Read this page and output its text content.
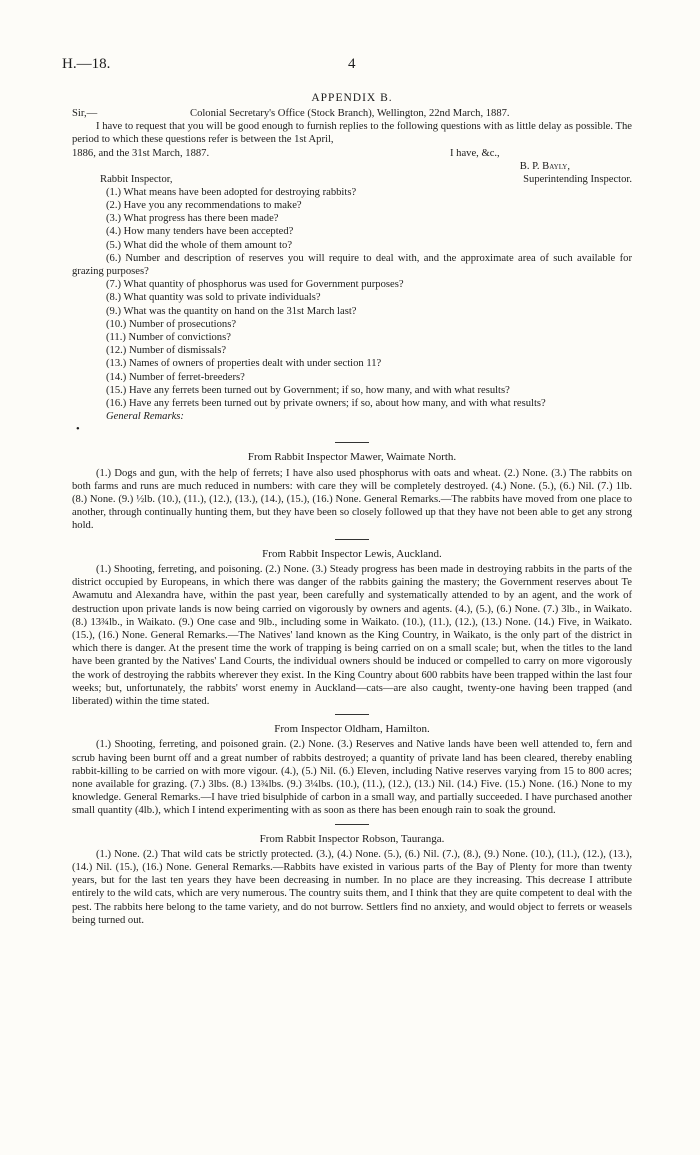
H.—18.	4

APPENDIX B.

Sir,—	Colonial Secretary's Office (Stock Branch), Wellington, 22nd March, 1887.

I have to request that you will be good enough to furnish replies to the following questions with as little delay as possible. The period to which these questions refer is between the 1st April,

1886, and the 31st March, 1887.	I have, &c.,

B. P. Bayly,

Rabbit Inspector,	Superintending Inspector.

(1.) What means have been adopted for destroying rabbits?

(2.) Have you any recommendations to make?

(3.) What progress has there been made?

(4.) How many tenders have been accepted?

(5.) What did the whole of them amount to?

(6.) Number and description of reserves you will require to deal with, and the approximate area of such available for grazing purposes?

(7.) What quantity of phosphorus was used for Government purposes?

(8.) What quantity was sold to private individuals?

(9.) What was the quantity on hand on the 31st March last?

(10.) Number of prosecutions?

(11.) Number of convictions?

(12.) Number of dismissals?

(13.) Names of owners of properties dealt with under section 11?

(14.) Number of ferret-breeders?

(15.) Have any ferrets been turned out by Government; if so, how many, and with what results?

(16.) Have any ferrets been turned out by private owners; if so, about how many, and with what results?

General Remarks:

•

From Rabbit Inspector Mawer, Waimate North.

(1.) Dogs and gun, with the help of ferrets; I have also used phosphorus with oats and wheat. (2.) None. (3.) The rabbits on both farms and runs are much reduced in numbers: with care they will be completely destroyed. (4.) None. (5.), (6.) Nil. (7.) 1lb. (8.) None. (9.) ½lb. (10.), (11.), (12.), (13.), (14.), (15.), (16.) None. General Remarks.—The rabbits have moved from one place to another, through continually hunting them, but they have been so closely followed up that they have not been able to get any strong hold.

From Rabbit Inspector Lewis, Auckland.

(1.) Shooting, ferreting, and poisoning. (2.) None. (3.) Steady progress has been made in destroying rabbits in the parts of the district occupied by Europeans, in which there was danger of the rabbits gaining the mastery; the Government reserves about Te Awamutu and Alexandra have, within the past year, been carefully and systematically attended to by an agent, and the work of destruction upon private lands is now being carried on vigorously by owners and agents. (4.), (5.), (6.) None. (7.) 3lb., in Waikato. (8.) 13¾lb., in Waikato. (9.) One case and 9lb., including some in Waikato. (10.), (11.), (12.), (13.) None. (14.) Five, in Waikato. (15.), (16.) None. General Remarks.—The Natives' land known as the King Country, in Waikato, is the only part of the district in which there is danger. At the present time the work of trapping is being carried on on a small scale; but, when the titles to the land have been granted by the Natives' Land Courts, the individual owners should be induced or compelled to carry on more vigorously the work of destroying the rabbits wherever they exist. In the King Country about 600 rabbits have been trapped within the last four weeks; but, unfortunately, the rabbits' worst enemy in Auckland—cats—are also caught, twenty-one having been trapped (and liberated) within the time stated.

From Inspector Oldham, Hamilton.

(1.) Shooting, ferreting, and poisoned grain. (2.) None. (3.) Reserves and Native lands have been well attended to, fern and scrub having been burnt off and a great number of rabbits destroyed; a quantity of private land has been cleared, thereby enabling rabbit-killing to be carried on with more vigour. (4.), (5.) Nil. (6.) Eleven, including Native reserves varying from 15 to 800 acres; none available for grazing. (7.) 3lbs. (8.) 13¾lbs. (9.) 3¼lbs. (10.), (11.), (12.), (13.) Nil. (14.) Five. (15.) None. (16.) None to my knowledge. General Remarks.—I have tried bisulphide of carbon in a small way, and partially succeeded. I have purchased another small quantity (4lb.), which I intend experimenting with as soon as there has been enough rain to soak the ground.

From Rabbit Inspector Robson, Tauranga.

(1.) None. (2.) That wild cats be strictly protected. (3.), (4.) None. (5.), (6.) Nil. (7.), (8.), (9.) None. (10.), (11.), (12.), (13.), (14.) Nil. (15.), (16.) None. General Remarks.—Rabbits have existed in various parts of the Bay of Plenty for more than twenty years, but for the last ten years they have been decreasing in number. In no place are they increasing. This decrease I attribute entirely to the wild cats, which are very numerous. The country suits them, and I think that they are quite competent to deal with the pest. The rabbits here belong to the tame variety, and do not burrow. Settlers find no anxiety, and would object to ferrets or weasels being turned out.
